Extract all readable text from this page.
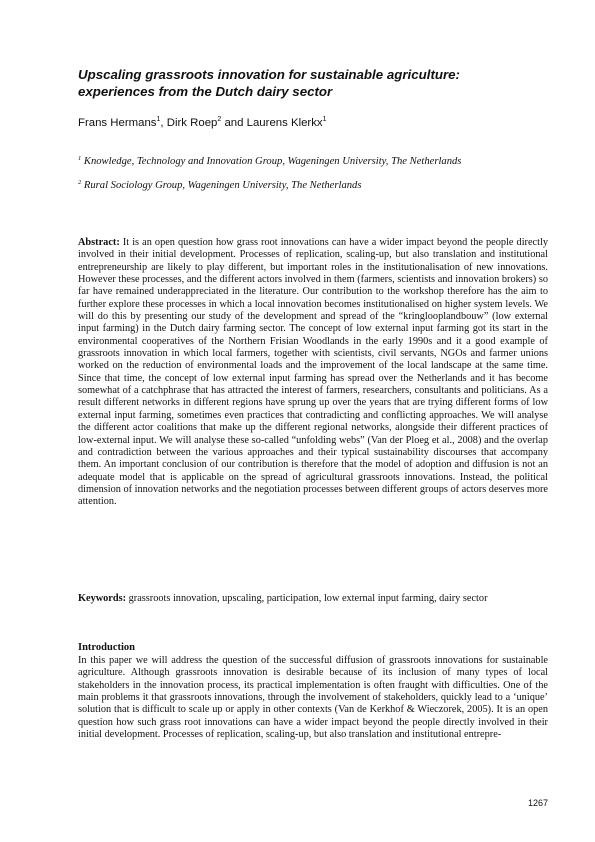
Upscaling grassroots innovation for sustainable agriculture: experiences from the Dutch dairy sector
Frans Hermans$^1$, Dirk Roep$^2$ and Laurens Klerkx$^1$
$^1$ Knowledge, Technology and Innovation Group, Wageningen University, The Netherlands
$^2$ Rural Sociology Group, Wageningen University, The Netherlands

Abstract: It is an open question how grass root innovations can have a wider impact beyond the people directly involved in their initial development. Processes of replication, scaling-up, but also translation and institutional entrepreneurship are likely to play different, but important roles in the institutionalisation of new innovations. However these processes, and the different actors involved in them (farmers, scientists and innovation brokers) so far have remained underappreciated in the literature. Our contribution to the workshop therefore has the aim to further explore these processes in which a local innovation becomes institutionalised on higher system levels. We will do this by presenting our study of the development and spread of the “kringlooplandbouw” (low external input farming) in the Dutch dairy farming sector. The concept of low external input farming got its start in the environmental cooperatives of the Northern Frisian Woodlands in the early 1990s and it a good example of grassroots innovation in which local farmers, together with scientists, civil servants, NGOs and farmer unions worked on the reduction of environmental loads and the improvement of the local landscape at the same time. Since that time, the concept of low external input farming has spread over the Netherlands and it has become somewhat of a catchphrase that has attracted the interest of farmers, researchers, consultants and politicians. As a result different networks in different regions have sprung up over the years that are trying different forms of low external input farming, sometimes even practices that contradicting and conflicting approaches. We will analyse the different actor coalitions that make up the different regional networks, alongside their different practices of low-external input. We will analyse these so-called “unfolding webs” (Van der Ploeg et al., 2008) and the overlap and contradiction between the various approaches and their typical sustainability discourses that accompany them. An important conclusion of our contribution is therefore that the model of adoption and diffusion is not an adequate model that is applicable on the spread of agricultural grassroots innovations. Instead, the political dimension of innovation networks and the negotiation processes between different groups of actors deserves more attention.

Keywords: grassroots innovation, upscaling, participation, low external input farming, dairy sector

Introduction

In this paper we will address the question of the successful diffusion of grassroots innovations for sustainable agriculture. Although grassroots innovation is desirable because of its inclusion of many types of local stakeholders in the innovation process, its practical implementation is often fraught with difficulties. One of the main problems it that grassroots innovations, through the involvement of stakeholders, quickly lead to a ‘unique’ solution that is difficult to scale up or apply in other contexts (Van de Kerkhof & Wieczorek, 2005). It is an open question how such grass root innovations can have a wider impact beyond the people directly involved in their initial development. Processes of replication, scaling-up, but also translation and institutional entrepre-

1267
